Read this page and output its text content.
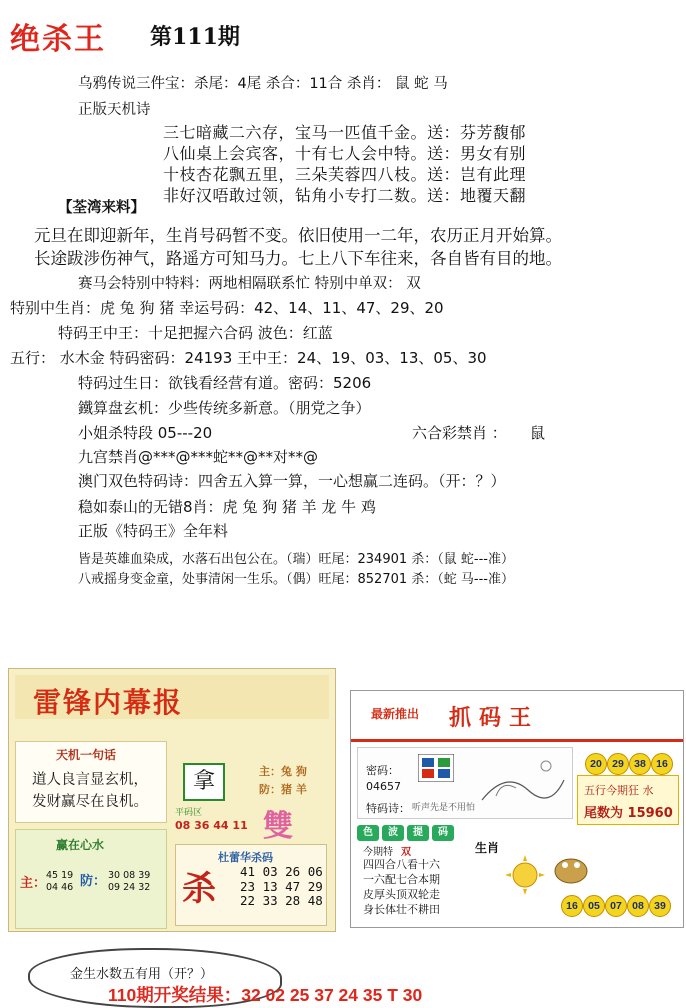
绝杀王 第111期
乌鸦传说三件宝：杀尾：4尾 杀合：11合 杀肖： 鼠 蛇 马
正版天机诗
三七暗藏二六存，宝马一匹值千金。送：芬芳馥郁
八仙桌上会宾客，十有七人会中特。送：男女有别
十枝杏花飘五里，三朵芙蓉四八枝。送：岂有此理
非好汉唔敢过领，钻角小专打二数。送：地覆天翻
【荃湾来料】
元旦在即迎新年，生肖号码暂不变。依旧使用一二年，农历正月开始算。
长途跋涉伤神气，路遥方可知马力。七上八下车往来，各自皆有目的地。
赛马会特别中特料：两地相隔联系忙 特别中单双： 双
特别中生肖：虎 兔 狗 猪 幸运号码：42、14、11、47、29、20
特码王中王：十足把握六合码 波色：红蓝
五行： 水木金 特码密码：24193 王中王：24、19、03、13、05、30
特码过生日：欲钱看经营有道。密码：5206
鐵算盘玄机：少些传统多新意。（朋党之争）
小姐杀特段 05---20	六合彩禁肖 ： 鼠
九宫禁肖@***@***蛇**@**对**@
澳门双色特码诗：四舍五入算一算，一心想赢二连码。（开：？）
稳如泰山的无错8肖：虎 兔 狗 猪 羊 龙 牛 鸡
正版《特码王》全年料
皆是英雄血染成，水落石出包公在。（瑞）旺尾：234901 杀：（鼠 蛇---准）
八戒摇身变金童，处事清闲一生乐。（偶）旺尾：852701 杀：（蛇 马---准）
雷锋内幕报
天机一句话
道人良言显玄机，
发财赢尽在良机。
拿	主：兔 狗
防：猪 羊
平码区
08 36 44 11 雙
赢在心水
主：
45 19
04 46 防： 30 08 39
09 24 32 杀
杜蕾华杀码
41 03 26 06
23 13 47 29
22 33 28 48
最新推出 抓码王
密码：
04657
特码诗： 听声先是不用怕
20 29 38 16
五行今期狂 水
尾数为 15960
色 波 提 码
今期特 双	生肖
四四合八看十六
一六配七合本期
皮厚头顶双轮走
身长体壮不耕田	16 05 07 08 39
金生水数五有用（开？）
110期开奖结果：32 02 25 37 24 35 T 30
